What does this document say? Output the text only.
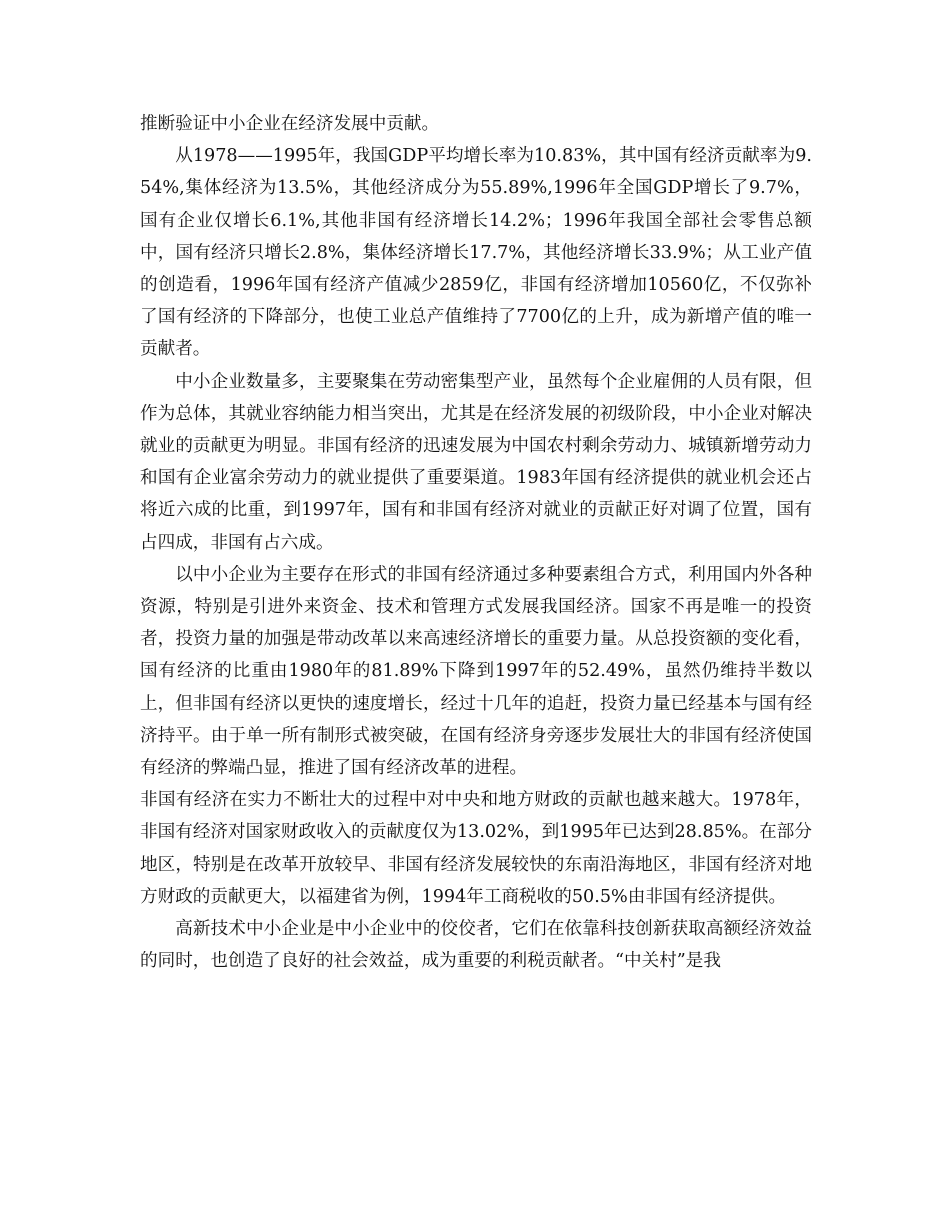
推断验证中小企业在经济发展中贡献。

从1978——1995年，我国GDP平均增长率为10.83%，其中国有经济贡献率为9.54%,集体经济为13.5%，其他经济成分为55.89%,1996年全国GDP增长了9.7%，国有企业仅增长6.1%,其他非国有经济增长14.2%；1996年我国全部社会零售总额中，国有经济只增长2.8%，集体经济增长17.7%，其他经济增长33.9%；从工业产值的创造看，1996年国有经济产值减少2859亿，非国有经济增加10560亿，不仅弥补了国有经济的下降部分，也使工业总产值维持了7700亿的上升，成为新增产值的唯一贡献者。

中小企业数量多，主要聚集在劳动密集型产业，虽然每个企业雇佣的人员有限，但作为总体，其就业容纳能力相当突出，尤其是在经济发展的初级阶段，中小企业对解决就业的贡献更为明显。非国有经济的迅速发展为中国农村剩余劳动力、城镇新增劳动力和国有企业富余劳动力的就业提供了重要渠道。1983年国有经济提供的就业机会还占将近六成的比重，到1997年，国有和非国有经济对就业的贡献正好对调了位置，国有占四成，非国有占六成。

以中小企业为主要存在形式的非国有经济通过多种要素组合方式，利用国内外各种资源，特别是引进外来资金、技术和管理方式发展我国经济。国家不再是唯一的投资者，投资力量的加强是带动改革以来高速经济增长的重要力量。从总投资额的变化看，国有经济的比重由1980年的81.89%下降到1997年的52.49%，虽然仍维持半数以上，但非国有经济以更快的速度增长，经过十几年的追赶，投资力量已经基本与国有经济持平。由于单一所有制形式被突破，在国有经济身旁逐步发展壮大的非国有经济使国有经济的弊端凸显，推进了国有经济改革的进程。

非国有经济在实力不断壮大的过程中对中央和地方财政的贡献也越来越大。1978年，非国有经济对国家财政收入的贡献度仅为13.02%，到1995年已达到28.85%。在部分地区，特别是在改革开放较早、非国有经济发展较快的东南沿海地区，非国有经济对地方财政的贡献更大，以福建省为例，1994年工商税收的50.5%由非国有经济提供。

高新技术中小企业是中小企业中的佼佼者，它们在依靠科技创新获取高额经济效益的同时，也创造了良好的社会效益，成为重要的利税贡献者。“中关村”是我
